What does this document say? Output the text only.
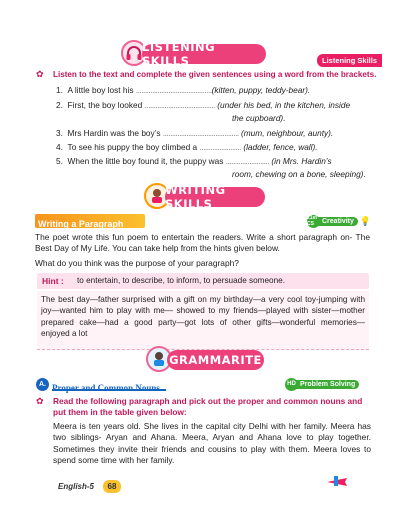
LISTENING SKILLS	Listening Skills
✿ Listen to the text and complete the given sentences using a word from the brackets.
1. A little boy lost his ..........................................(kitten, puppy, teddy-bear).
2. First, the boy looked ....................................... (under his bed, in the kitchen, inside
the cupboard).
3. Mrs Hardin was the boy’s .......................................... (mum, neighbour, aunty).
4. To see his puppy the boy climbed a ....................... (ladder, fence, wall).
5. When the little boy found it, the puppy was ........................ (in Mrs. Hardin’s
room, chewing on a bone, sleeping).
WRITING SKILLS
Writing a Paragraph
21st CS	Creativity 💡
The poet wrote this fun poem to entertain the readers. Write a short paragraph on- The Best Day of My Life. You can take help from the hints given below.
What do you think was the purpose of your paragraph?
Hint : to entertain, to describe, to inform, to persuade someone.
The best day—father surprised with a gift on my birthday—a very cool toy-jumping with joy—wanted him to play with me— showed to my friends—played with sister—mother prepared cake—had a good party—got lots of other gifts—wonderful memories— enjoyed a lot
GRAMMARITE
A. Proper and Common Nouns	HD Problem Solving
✿ Read the following paragraph and pick out the proper and common nouns and put them in the table given below:
Meera is ten years old. She lives in the capital city Delhi with her family. Meera has two siblings- Aryan and Ahana. Meera, Aryan and Ahana love to play together. Sometimes they invite their friends and cousins to play with them. Meera loves to spend some time with her family.
English-5 68
